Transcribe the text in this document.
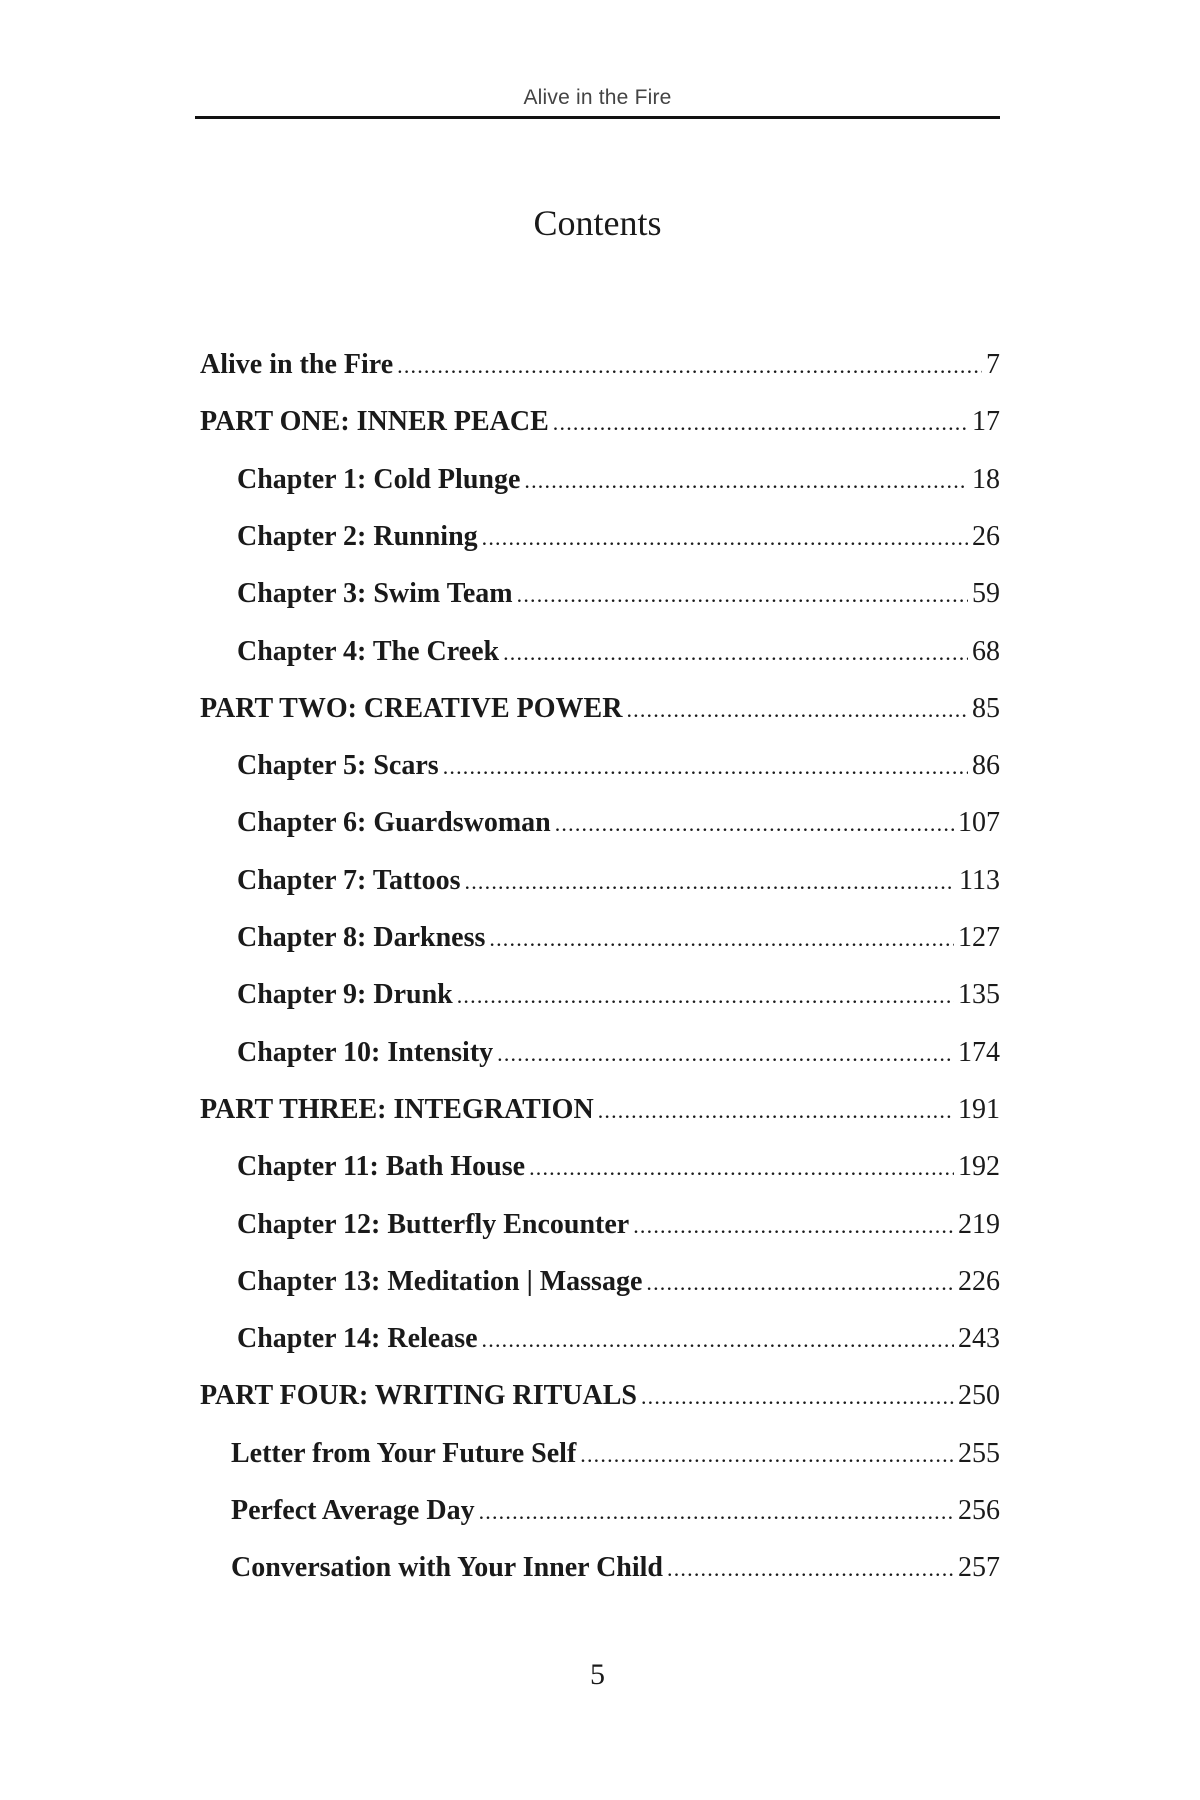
Alive in the Fire
Contents
Alive in the Fire .....	7
PART ONE: INNER PEACE .....	17
Chapter 1: Cold Plunge .....	18
Chapter 2: Running .....	26
Chapter 3: Swim Team .....	59
Chapter 4: The Creek .....	68
PART TWO: CREATIVE POWER .....	85
Chapter 5: Scars .....	86
Chapter 6: Guardswoman .....	107
Chapter 7: Tattoos .....	113
Chapter 8: Darkness .....	127
Chapter 9: Drunk .....	135
Chapter 10: Intensity .....	174
PART THREE: INTEGRATION .....	191
Chapter 11: Bath House .....	192
Chapter 12: Butterfly Encounter .....	219
Chapter 13: Meditation | Massage .....	226
Chapter 14: Release .....	243
PART FOUR: WRITING RITUALS .....	250
Letter from Your Future Self .....	255
Perfect Average Day .....	256
Conversation with Your Inner Child .....	257
5
